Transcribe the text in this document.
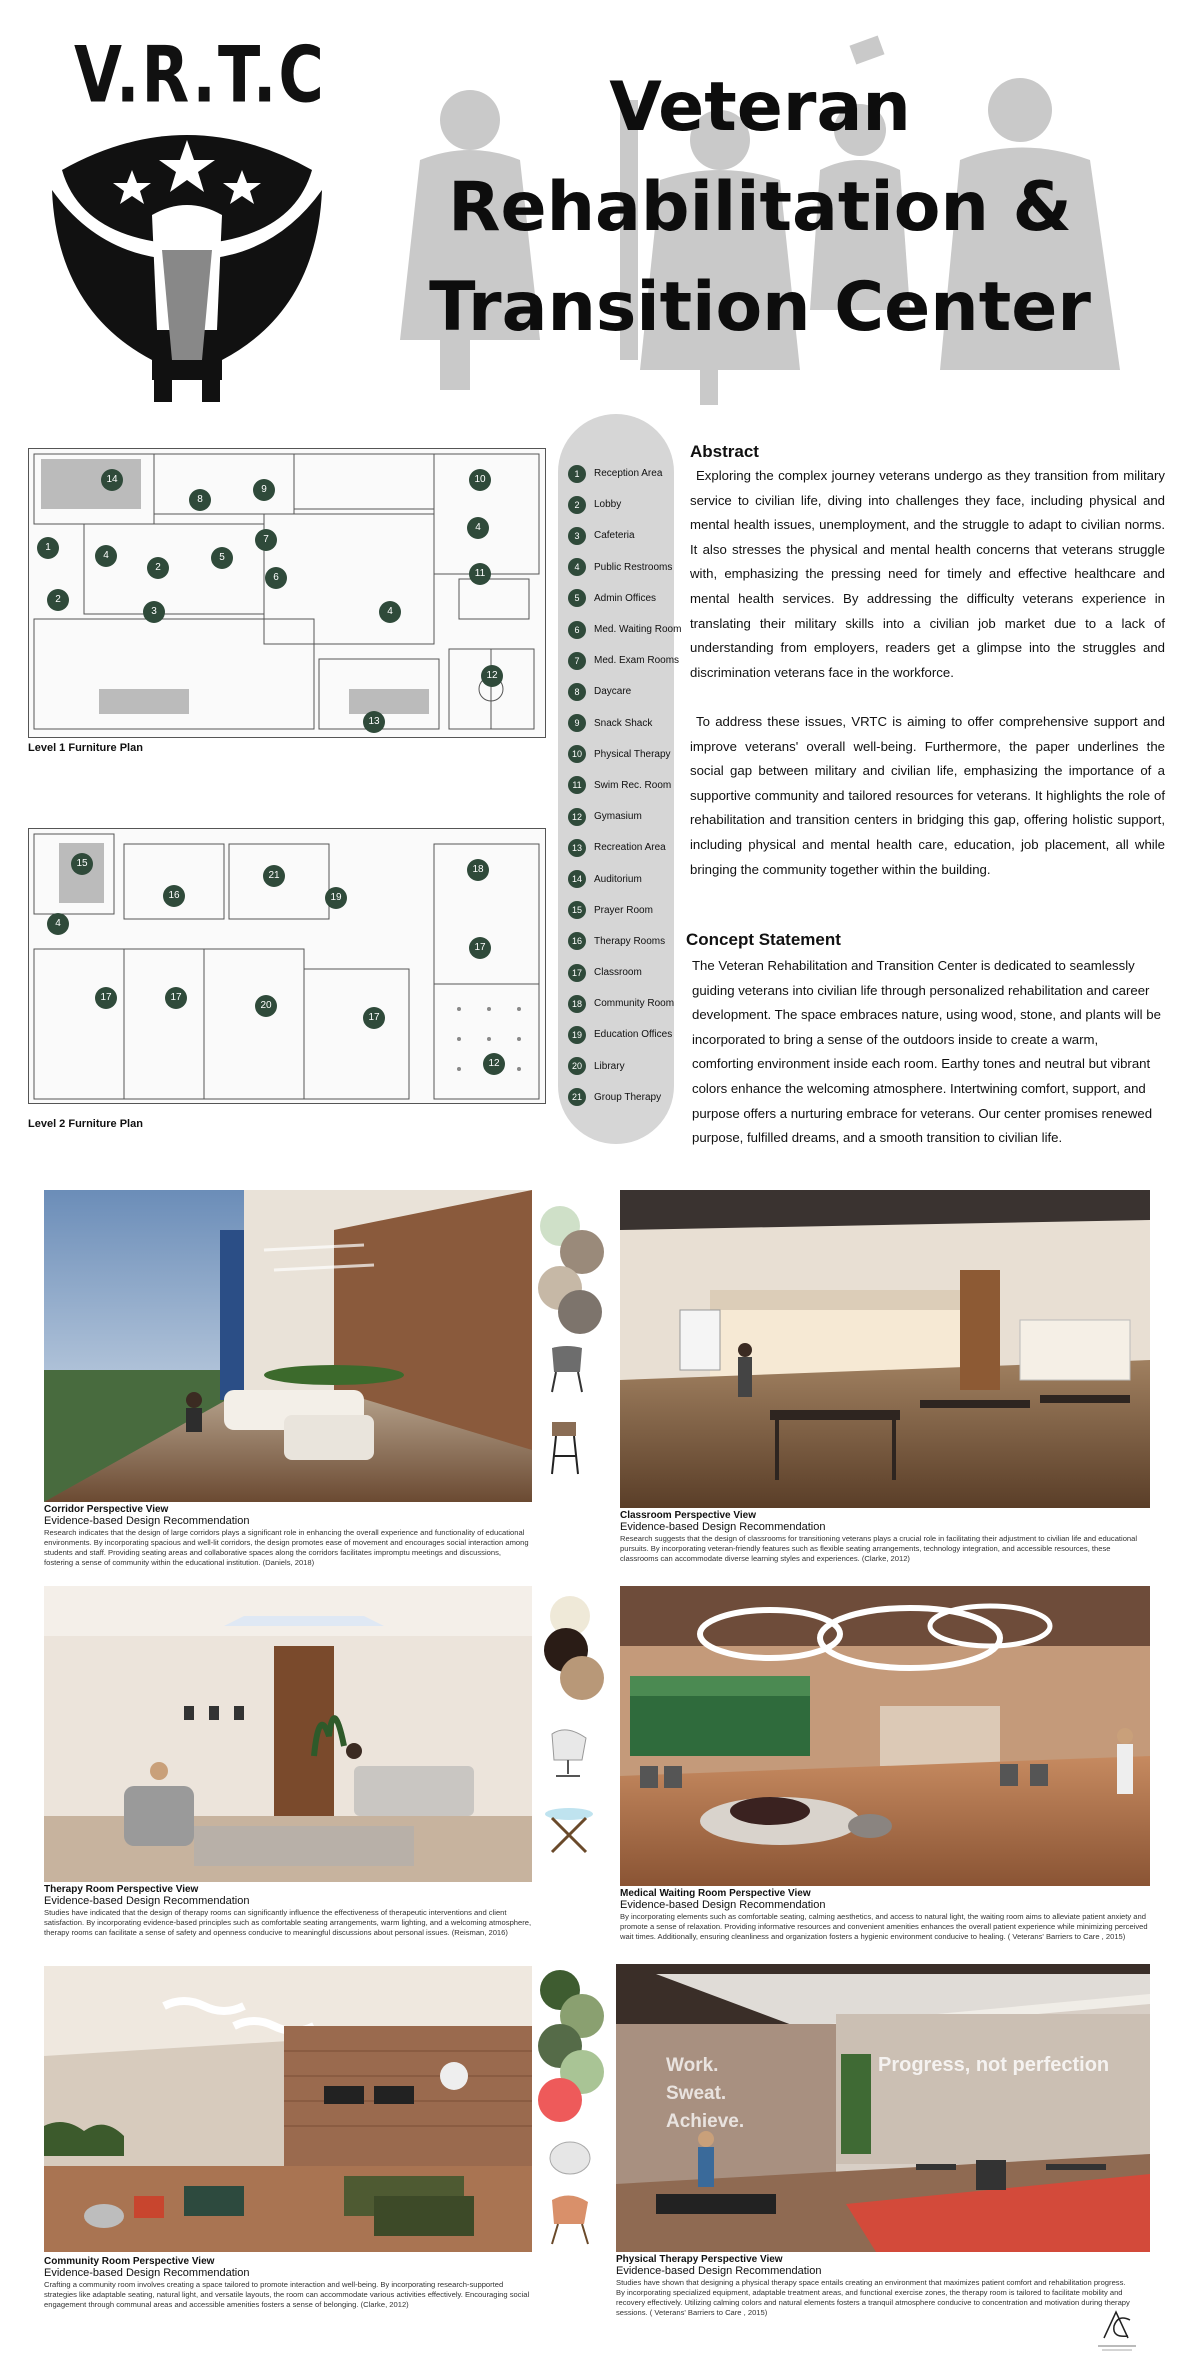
V.R.T.C	Veteran
Rehabilitation &
Transition Center
14
9
10
7
8
4
11
1
4	5
2
6
2
3	4
12
13
Level 1 Furniture Plan
15
16
21
19
18
4
17
17	17
20
17
12
Level 2 Furniture Plan
1	Reception Area
2	Lobby
3	Cafeteria
4	Public Restrooms
5	Admin Offices
6	Med. Waiting Room
7	Med. Exam Rooms
8	Daycare
9	Snack Shack
10	Physical Therapy
11	Swim Rec. Room
12	Gymasium
13	Recreation Area
14	Auditorium
15	Prayer Room
16	Therapy Rooms
17	Classroom
18	Community Room
19	Education Offices
20	Library
21	Group Therapy
Abstract
Exploring the complex journey veterans undergo as they transition from military service to civilian life, diving into challenges they face, including physical and mental health issues, unemployment, and the struggle to adapt to civilian norms. It also stresses the physical and mental health concerns that veterans struggle with, emphasizing the pressing need for timely and effective healthcare and mental health services. By addressing the difficulty veterans experience in translating their military skills into a civilian job market due to a lack of understanding from employers, readers get a glimpse into the struggles and discrimination veterans face in the workforce.
To address these issues, VRTC is aiming to offer comprehensive support and improve veterans' overall well-being. Furthermore, the paper underlines the social gap between military and civilian life, emphasizing the importance of a supportive community and tailored resources for veterans. It highlights the role of rehabilitation and transition centers in bridging this gap, offering holistic support, including physical and mental health care, education, job placement, all while bringing the community together within the building.
Concept Statement
The Veteran Rehabilitation and Transition Center is dedicated to seamlessly guiding veterans into civilian life through personalized rehabilitation and career development. The space embraces nature, using wood, stone, and plants will be incorporated to bring a sense of the outdoors inside to create a warm, comforting environment inside each room. Earthy tones and neutral but vibrant colors enhance the welcoming atmosphere. Intertwining comfort, support, and purpose offers a nurturing embrace for veterans. Our center promises renewed purpose, fulfilled dreams, and a smooth transition to civilian life.
Corridor Perspective View
Evidence-based Design Recommendation
Research indicates that the design of large corridors plays a significant role in enhancing the overall experience and functionality of educational environments. By incorporating spacious and well-lit corridors, the design promotes ease of movement and encourages social interaction among students and staff. Providing seating areas and collaborative spaces along the corridors facilitates impromptu meetings and discussions, fostering a sense of community within the educational institution. (Daniels, 2018)
Classroom Perspective View
Evidence-based Design Recommendation
Research suggests that the design of classrooms for transitioning veterans plays a crucial role in facilitating their adjustment to civilian life and educational pursuits. By incorporating veteran-friendly features such as flexible seating arrangements, technology integration, and accessible resources, these classrooms can accommodate diverse learning styles and experiences. (Clarke, 2012)
Therapy Room Perspective View
Evidence-based Design Recommendation
Studies have indicated that the design of therapy rooms can significantly influence the effectiveness of therapeutic interventions and client satisfaction. By incorporating evidence-based principles such as comfortable seating arrangements, warm lighting, and a welcoming atmosphere, therapy rooms can facilitate a sense of safety and openness conducive to meaningful discussions about personal issues. (Reisman, 2016)
Medical Waiting Room Perspective View
Evidence-based Design Recommendation
By incorporating elements such as comfortable seating, calming aesthetics, and access to natural light, the waiting room aims to alleviate patient anxiety and promote a sense of relaxation. Providing informative resources and convenient amenities enhances the overall patient experience while minimizing perceived wait times. Additionally, ensuring cleanliness and organization fosters a hygienic environment conducive to healing. ( Veterans' Barriers to Care , 2015)
Community Room Perspective View
Evidence-based Design Recommendation
Crafting a community room involves creating a space tailored to promote interaction and well-being. By incorporating research-supported strategies like adaptable seating, natural light, and versatile layouts, the room can accommodate various activities effectively. Encouraging social engagement through communal areas and accessible amenities fosters a sense of belonging. (Clarke, 2012)
Work. Sweat. Achieve.
Progress, not perfection
Physical Therapy Perspective View
Evidence-based Design Recommendation
Studies have shown that designing a physical therapy space entails creating an environment that maximizes patient comfort and rehabilitation progress. By incorporating specialized equipment, adaptable treatment areas, and functional exercise zones, the therapy room is tailored to facilitate mobility and recovery effectively. Utilizing calming colors and natural elements fosters a tranquil atmosphere conducive to concentration and motivation during therapy sessions. ( Veterans' Barriers to Care , 2015)
